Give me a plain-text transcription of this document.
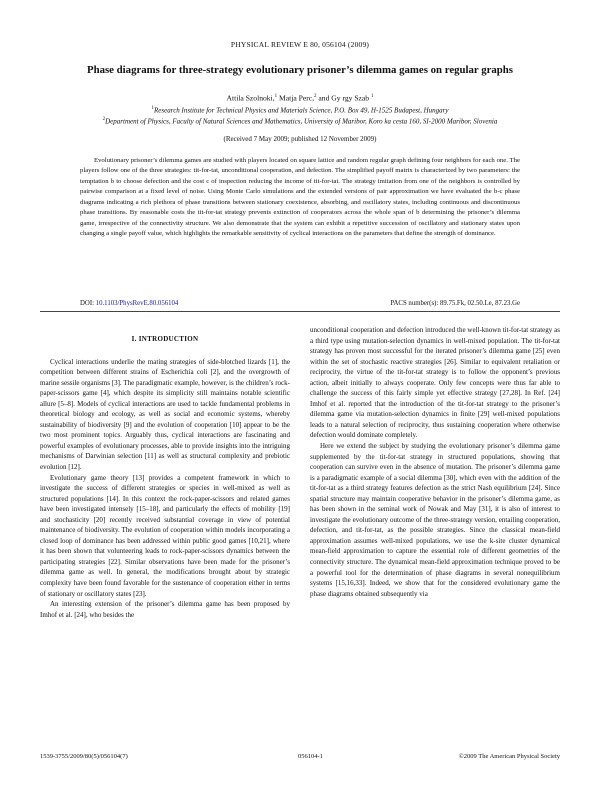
PHYSICAL REVIEW E 80, 056104 (2009)
Phase diagrams for three-strategy evolutionary prisoner’s dilemma games on regular graphs
Attila Szolnoki,$^1$ Matja Perc,$^2$ and Gy rgy Szab $^1$
$^1$Research Institute for Technical Physics and Materials Science, P.O. Box 49, H-1525 Budapest, Hungary
$^2$Department of Physics, Faculty of Natural Sciences and Mathematics, University of Maribor, Koro ka cesta 160, SI-2000 Maribor, Slovenia
(Received 7 May 2009; published 12 November 2009)
Evolutionary prisoner’s dilemma games are studied with players located on square lattice and random regular graph defining four neighbors for each one. The players follow one of the three strategies: tit-for-tat, unconditional cooperation, and defection. The simplified payoff matrix is characterized by two parameters: the temptation b to choose defection and the cost c of inspection reducing the income of tit-for-tat. The strategy imitation from one of the neighbors is controlled by pairwise comparison at a fixed level of noise. Using Monte Carlo simulations and the extended versions of pair approximation we have evaluated the b-c phase diagrams indicating a rich plethora of phase transitions between stationary coexistence, absorbing, and oscillatory states, including continuous and discontinuous phase transitions. By reasonable costs the tit-for-tat strategy prevents extinction of cooperators across the whole span of b determining the prisoner’s dilemma game, irrespective of the connectivity structure. We also demonstrate that the system can exhibit a repetitive succession of oscillatory and stationary states upon changing a single payoff value, which highlights the remarkable sensitivity of cyclical interactions on the parameters that define the strength of dominance.
DOI: 10.1103/PhysRevE.80.056104	PACS number(s): 89.75.Fk, 02.50.Le, 87.23.Ge
I. INTRODUCTION

Cyclical interactions underlie the mating strategies of side-blotched lizards [1], the competition between different strains of Escherichia coli [2], and the overgrowth of marine sessile organisms [3]. The paradigmatic example, however, is the children’s rock-paper-scissors game [4], which despite its simplicity still maintains notable scientific allure [5–8]. Models of cyclical interactions are used to tackle fundamental problems in theoretical biology and ecology, as well as social and economic systems, whereby sustainability of biodiversity [9] and the evolution of cooperation [10] appear to be the two most prominent topics. Arguably thus, cyclical interactions are fascinating and powerful examples of evolutionary processes, able to provide insights into the intriguing mechanisms of Darwinian selection [11] as well as structural complexity and prebiotic evolution [12].

Evolutionary game theory [13] provides a competent framework in which to investigate the success of different strategies or species in well-mixed as well as structured populations [14]. In this context the rock-paper-scissors and related games have been investigated intensely [15–18], and particularly the effects of mobility [19] and stochasticity [20] recently received substantial coverage in view of potential maintenance of biodiversity. The evolution of cooperation within models incorporating a closed loop of dominance has been addressed within public good games [10,21], where it has been shown that volunteering leads to rock-paper-scissors dynamics between the participating strategies [22]. Similar observations have been made for the prisoner’s dilemma game as well. In general, the modifications brought about by strategic complexity have been found favorable for the sustenance of cooperation either in terms of stationary or oscillatory states [23].

An interesting extension of the prisoner’s dilemma game has been proposed by Imhof et al. [24], who besides the

unconditional cooperation and defection introduced the well-known tit-for-tat strategy as a third type using mutation-selection dynamics in well-mixed population. The tit-for-tat strategy has proven most successful for the iterated prisoner’s dilemma game [25] even within the set of stochastic reactive strategies [26]. Similar to equivalent retaliation or reciprocity, the virtue of the tit-for-tat strategy is to follow the opponent’s previous action, albeit initially to always cooperate. Only few concepts were thus far able to challenge the success of this fairly simple yet effective strategy [27,28]. In Ref. [24] Imhof et al. reported that the introduction of the tit-for-tat strategy to the prisoner’s dilemma game via mutation-selection dynamics in finite [29] well-mixed populations leads to a natural selection of reciprocity, thus sustaining cooperation where otherwise defection would dominate completely.

Here we extend the subject by studying the evolutionary prisoner’s dilemma game supplemented by the tit-for-tat strategy in structured populations, showing that cooperation can survive even in the absence of mutation. The prisoner’s dilemma game is a paradigmatic example of a social dilemma [30], which even with the addition of the tit-for-tat as a third strategy features defection as the strict Nash equilibrium [24]. Since spatial structure may maintain cooperative behavior in the prisoner’s dilemma game, as has been shown in the seminal work of Nowak and May [31], it is also of interest to investigate the evolutionary outcome of the three-strategy version, entailing cooperation, defection, and tit-for-tat, as the possible strategies. Since the classical mean-field approximation assumes well-mixed populations, we use the k-site cluster dynamical mean-field approximation to capture the essential role of different geometries of the connectivity structure. The dynamical mean-field approximation technique proved to be a powerful tool for the determination of phase diagrams in several nonequilibrium systems [15,16,33]. Indeed, we show that for the considered evolutionary game the phase diagrams obtained subsequently via

1539-3755/2009/80(5)/056104(7)	056104-1	©2009 The American Physical Society
